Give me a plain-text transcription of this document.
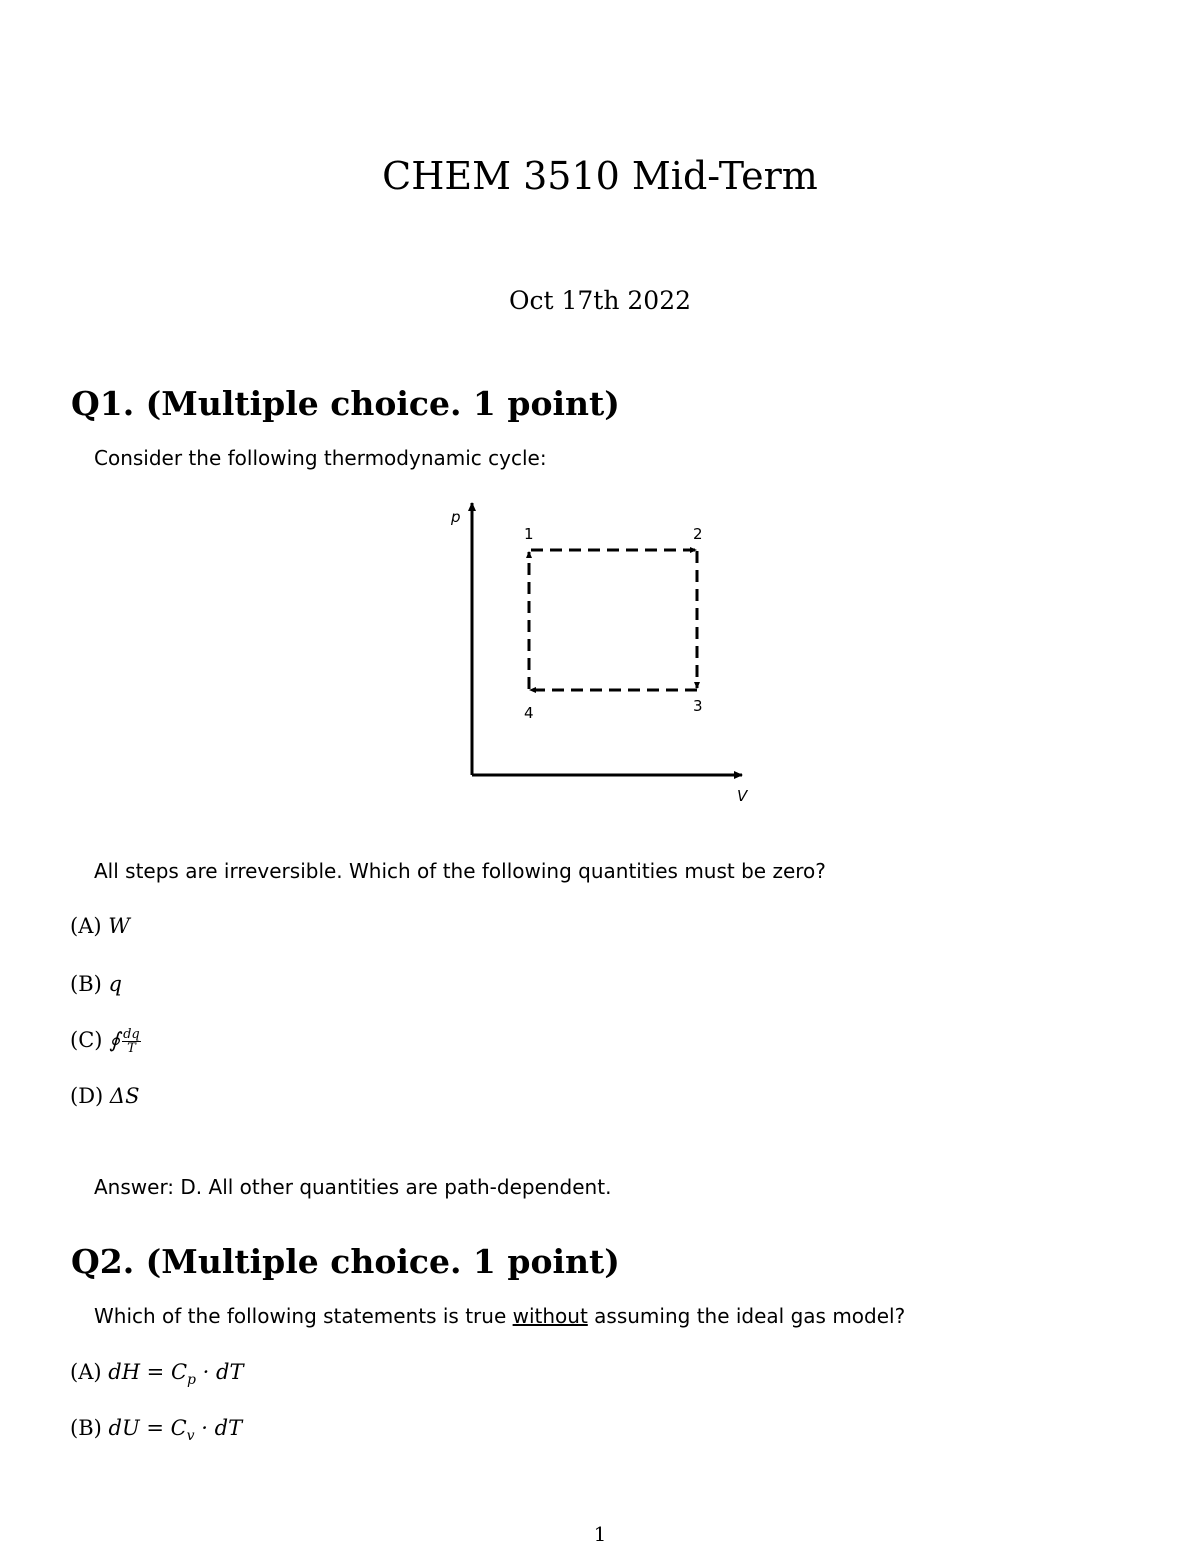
CHEM 3510 Mid-Term
Oct 17th 2022
Q1. (Multiple choice. 1 point)
Consider the following thermodynamic cycle:
p
V
1	2
3
4
All steps are irreversible. Which of the following quantities must be zero?
(A) W
(B) q
(C) ∮ $\frac{dq}{T}$
(D) ΔS
Answer: D. All other quantities are path-dependent.
Q2. (Multiple choice. 1 point)
Which of the following statements is true without assuming the ideal gas model?
(A) dH = $C_p$ · dT
(B) dU = $C_v$ · dT
1
